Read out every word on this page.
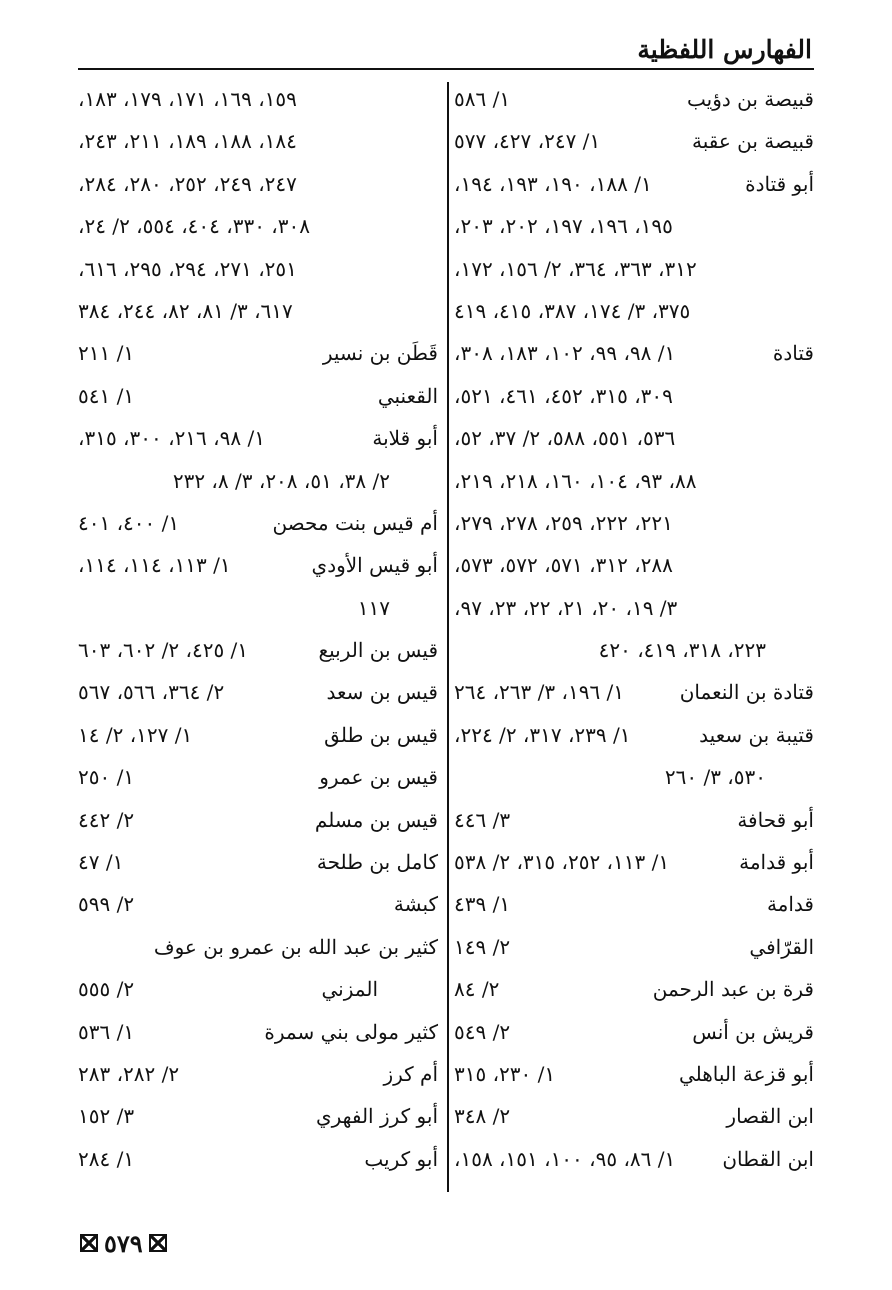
الفهارس اللفظية
قبيصة بن دؤيب
١/ ٥٨٦
قبيصة بن عقبة
١/ ٢٤٧، ٤٢٧، ٥٧٧
أبو قتادة
١/ ١٨٨، ١٩٠، ١٩٣، ١٩٤،
١٩٥، ١٩٦، ١٩٧، ٢٠٢، ٢٠٣،
٣١٢، ٣٦٣، ٣٦٤، ٢/ ١٥٦، ١٧٢،
٣٧٥، ٣/ ١٧٤، ٣٨٧، ٤١٥، ٤١٩
قتادة
١/ ٩٨، ٩٩، ١٠٢، ١٨٣، ٣٠٨،
٣٠٩، ٣١٥، ٤٥٢، ٤٦١، ٥٢١،
٥٣٦، ٥٥١، ٥٨٨، ٢/ ٣٧، ٥٢،
٨٨، ٩٣، ١٠٤، ١٦٠، ٢١٨، ٢١٩،
٢٢١، ٢٢٢، ٢٥٩، ٢٧٨، ٢٧٩،
٢٨٨، ٣١٢، ٥٧١، ٥٧٢، ٥٧٣،
٣/ ١٩، ٢٠، ٢١، ٢٢، ٢٣، ٩٧،
٢٢٣، ٣١٨، ٤١٩، ٤٢٠
قتادة بن النعمان
١/ ١٩٦، ٣/ ٢٦٣، ٢٦٤
قتيبة بن سعيد
١/ ٢٣٩، ٣١٧، ٢/ ٢٢٤،
٥٣٠، ٣/ ٢٦٠
أبو قحافة
٣/ ٤٤٦
أبو قدامة
١/ ١١٣، ٢٥٢، ٣١٥، ٢/ ٥٣٨
قدامة
١/ ٤٣٩
القرّافي
٢/ ١٤٩
قرة بن عبد الرحمن
٢/ ٨٤
قريش بن أنس
٢/ ٥٤٩
أبو قزعة الباهلي
١/ ٢٣٠، ٣١٥
ابن القصار
٢/ ٣٤٨
ابن القطان
١/ ٨٦، ٩٥، ١٠٠، ١٥١، ١٥٨،
١٥٩، ١٦٩، ١٧١، ١٧٩، ١٨٣،
١٨٤، ١٨٨، ١٨٩، ٢١١، ٢٤٣،
٢٤٧، ٢٤٩، ٢٥٢، ٢٨٠، ٢٨٤،
٣٠٨، ٣٣٠، ٤٠٤، ٥٥٤، ٢/ ٢٤،
٢٥١، ٢٧١، ٢٩٤، ٢٩٥، ٦١٦،
٦١٧، ٣/ ٨١، ٨٢، ٢٤٤، ٣٨٤
قَطَن بن نسير
١/ ٢١١
القعنبي
١/ ٥٤١
أبو قلابة
١/ ٩٨، ٢١٦، ٣٠٠، ٣١٥،
٢/ ٣٨، ٥١، ٢٠٨، ٣/ ٨، ٢٣٢
أم قيس بنت محصن
١/ ٤٠٠، ٤٠١
أبو قيس الأودي
١/ ١١٣، ١١٤، ١١٤،
١١٧
قيس بن الربيع
١/ ٤٢٥، ٢/ ٦٠٢، ٦٠٣
قيس بن سعد
٢/ ٣٦٤، ٥٦٦، ٥٦٧
قيس بن طلق
١/ ١٢٧، ٢/ ١٤
قيس بن عمرو
١/ ٢٥٠
قيس بن مسلم
٢/ ٤٤٢
كامل بن طلحة
١/ ٤٧
كبشة
٢/ ٥٩٩
كثير بن عبد الله بن عمرو بن عوف
المزني
٢/ ٥٥٥
كثير مولى بني سمرة
١/ ٥٣٦
أم كرز
٢/ ٢٨٢، ٢٨٣
أبو كرز الفهري
٣/ ١٥٢
أبو كريب
١/ ٢٨٤
٥٧٩
